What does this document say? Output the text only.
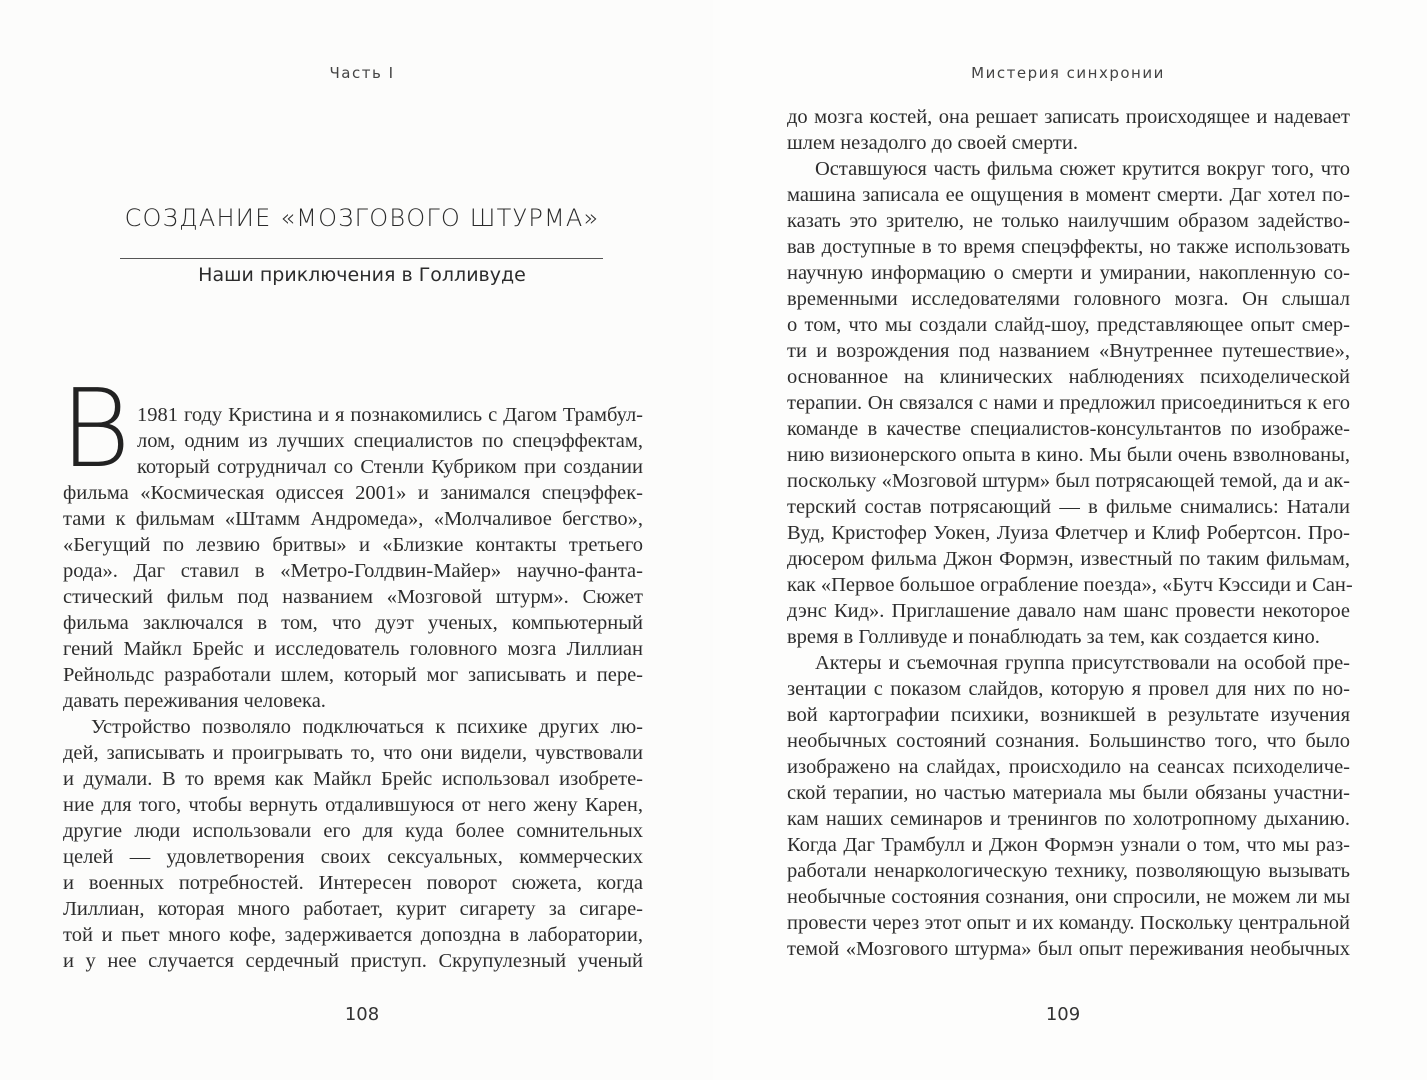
Часть I
СОЗДАНИЕ «МОЗГОВОГО ШТУРМА»
Наши приключения в Голливуде
В 1981 году Кристина и я познакомились с Дагом Трамбул-
лом, одним из лучших специалистов по спецэффектам,
который сотрудничал со Стенли Кубриком при создании
фильма «Космическая одиссея 2001» и занимался спецэффек-
тами к фильмам «Штамм Андромеда», «Молчаливое бегство»,
«Бегущий по лезвию бритвы» и «Близкие контакты третьего
рода». Даг ставил в «Метро-Голдвин-Майер» научно-фанта-
стический фильм под названием «Мозговой штурм». Сюжет
фильма заключался в том, что дуэт ученых, компьютерный
гений Майкл Брейс и исследователь головного мозга Лиллиан
Рейнольдс разработали шлем, который мог записывать и пере-
давать переживания человека.
Устройство позволяло подключаться к психике других лю-
дей, записывать и проигрывать то, что они видели, чувствовали
и думали. В то время как Майкл Брейс использовал изобрете-
ние для того, чтобы вернуть отдалившуюся от него жену Карен,
другие люди использовали его для куда более сомнительных
целей — удовлетворения своих сексуальных, коммерческих
и военных потребностей. Интересен поворот сюжета, когда
Лиллиан, которая много работает, курит сигарету за сигаре-
той и пьет много кофе, задерживается допоздна в лаборатории,
и у нее случается сердечный приступ. Скрупулезный ученый
108
Мистерия синхронии
до мозга костей, она решает записать происходящее и надевает
шлем незадолго до своей смерти.
Оставшуюся часть фильма сюжет крутится вокруг того, что
машина записала ее ощущения в момент смерти. Даг хотел по-
казать это зрителю, не только наилучшим образом задейство-
вав доступные в то время спецэффекты, но также использовать
научную информацию о смерти и умирании, накопленную со-
временными исследователями головного мозга. Он слышал
о том, что мы создали слайд-шоу, представляющее опыт смер-
ти и возрождения под названием «Внутреннее путешествие»,
основанное на клинических наблюдениях психоделической
терапии. Он связался с нами и предложил присоединиться к его
команде в качестве специалистов-консультантов по изображе-
нию визионерского опыта в кино. Мы были очень взволнованы,
поскольку «Мозговой штурм» был потрясающей темой, да и ак-
терский состав потрясающий — в фильме снимались: Натали
Вуд, Кристофер Уокен, Луиза Флетчер и Клиф Робертсон. Про-
дюсером фильма Джон Формэн, известный по таким фильмам,
как «Первое большое ограбление поезда», «Бутч Кэссиди и Сан-
дэнс Кид». Приглашение давало нам шанс провести некоторое
время в Голливуде и понаблюдать за тем, как создается кино.
Актеры и съемочная группа присутствовали на особой пре-
зентации с показом слайдов, которую я провел для них по но-
вой картографии психики, возникшей в результате изучения
необычных состояний сознания. Большинство того, что было
изображено на слайдах, происходило на сеансах психоделиче-
ской терапии, но частью материала мы были обязаны участни-
кам наших семинаров и тренингов по холотропному дыханию.
Когда Даг Трамбулл и Джон Формэн узнали о том, что мы раз-
работали ненаркологическую технику, позволяющую вызывать
необычные состояния сознания, они спросили, не можем ли мы
провести через этот опыт и их команду. Поскольку центральной
темой «Мозгового штурма» был опыт переживания необычных
109
